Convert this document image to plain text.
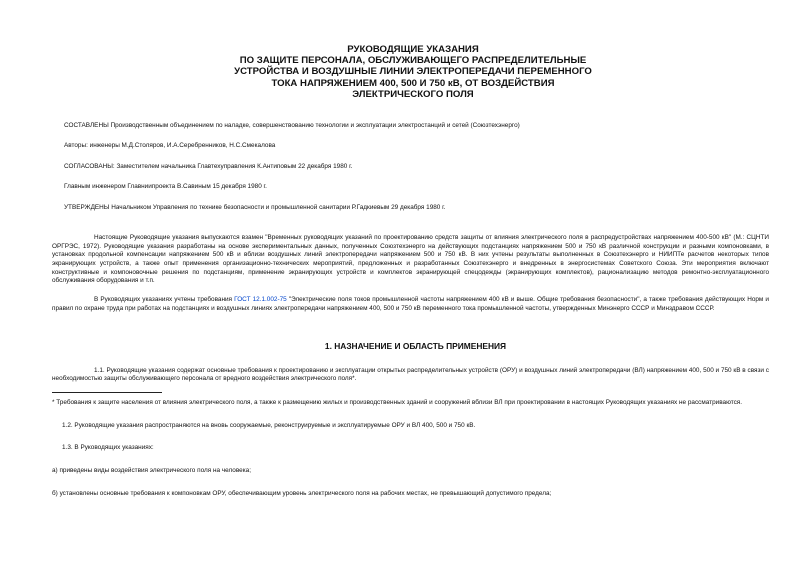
РУКОВОДЯЩИЕ УКАЗАНИЯ
ПО ЗАЩИТЕ ПЕРСОНАЛА, ОБСЛУЖИВАЮЩЕГО РАСПРЕДЕЛИТЕЛЬНЫЕ
УСТРОЙСТВА И ВОЗДУШНЫЕ ЛИНИИ ЭЛЕКТРОПЕРЕДАЧИ ПЕРЕМЕННОГО
ТОКА НАПРЯЖЕНИЕМ 400, 500 И 750 кВ, ОТ ВОЗДЕЙСТВИЯ
ЭЛЕКТРИЧЕСКОГО ПОЛЯ

СОСТАВЛЕНЫ Производственным объединением по наладке, совершенствованию технологии и эксплуатации электростанций и сетей (Союзтехэнерго)

Авторы: инженеры М.Д.Столяров, И.А.Серебренников, Н.С.Смекалова

СОГЛАСОВАНЫ: Заместителем начальника Главтехуправления К.Антиповым 22 декабря 1980 г.

Главным инженером Главниипроекта В.Савиным 15 декабря 1980 г.

УТВЕРЖДЕНЫ Начальником Управления по технике безопасности и промышленной санитарии Р.Гадкиевым 29 декабря 1980 г.

Настоящие Руководящие указания выпускаются взамен "Временных руководящих указаний по проектированию средств защиты от влияния электрического поля в распредустройствах напряжением 400-500 кВ" (М.: СЦНТИ ОРГРЭС, 1972). Руководящие указания разработаны на основе экспериментальных данных, полученных Союзтехэнерго на действующих подстанциях напряжением 500 и 750 кВ различной конструкции и разными компоновками, в установках продольной компенсации напряжением 500 кВ и вблизи воздушных линий электропередачи напряжением 500 и 750 кВ. В них учтены результаты выполненных в Союзтехэнерго и НИИПТе расчетов некоторых типов экранирующих устройств, а также опыт применения организационно-технических мероприятий, предложенных и разработанных Союзтехэнерго и внедренных в энергосистемах Советского Союза. Эти мероприятия включают конструктивные и компоновочные решения по подстанциям, применение экранирующих устройств и комплектов экранирующей спецодежды (экранирующих комплектов), рационализацию методов ремонтно-эксплуатационного обслуживания оборудования и т.п.

В Руководящих указаниях учтены требования ГОСТ 12.1.002-75 "Электрические поля токов промышленной частоты напряжением 400 кВ и выше. Общие требования безопасности", а также требования действующих Норм и правил по охране труда при работах на подстанциях и воздушных линиях электропередачи напряжением 400, 500 и 750 кВ переменного тока промышленной частоты, утвержденных Минэнерго СССР и Минздравом СССР.

1. НАЗНАЧЕНИЕ И ОБЛАСТЬ ПРИМЕНЕНИЯ

1.1. Руководящие указания содержат основные требования к проектированию и эксплуатации открытых распределительных устройств (ОРУ) и воздушных линий электропередачи (ВЛ) напряжением 400, 500 и 750 кВ в связи с необходимостью защиты обслуживающего персонала от вредного воздействия электрического поля*.

* Требования к защите населения от влияния электрического поля, а также к размещению жилых и производственных зданий и сооружений вблизи ВЛ при проектировании в настоящих Руководящих указаниях не рассматриваются.

1.2. Руководящие указания распространяются на вновь сооружаемые, реконструируемые и эксплуатируемые ОРУ и ВЛ 400, 500 и 750 кВ.

1.3. В Руководящих указаниях:

а) приведены виды воздействия электрического поля на человека;

б) установлены основные требования к компоновкам ОРУ, обеспечивающим уровень электрического поля на рабочих местах, не превышающий допустимого предела;
